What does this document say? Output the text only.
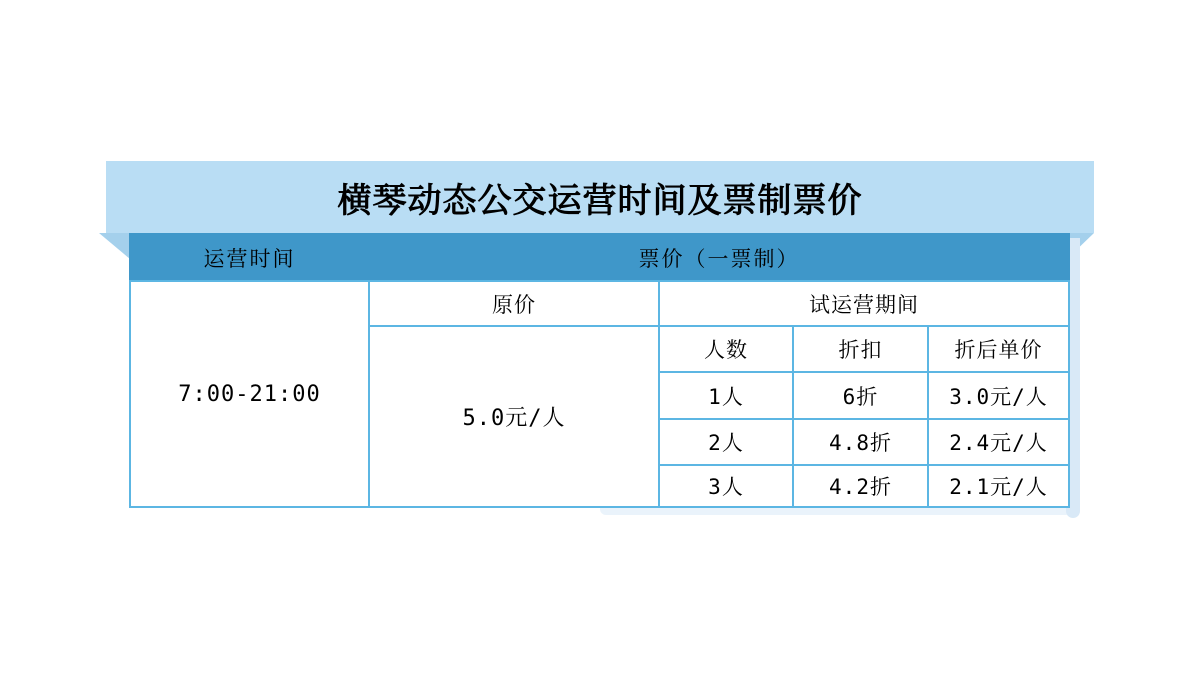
横琴动态公交运营时间及票制票价
运营时间	票价（一票制）			
7:00-21:00	原价	试运营期间		
	5.0元/人	人数	折扣	折后单价
		1人	6折	3.0元/人
		2人	4.8折	2.4元/人
		3人	4.2折	2.1元/人
